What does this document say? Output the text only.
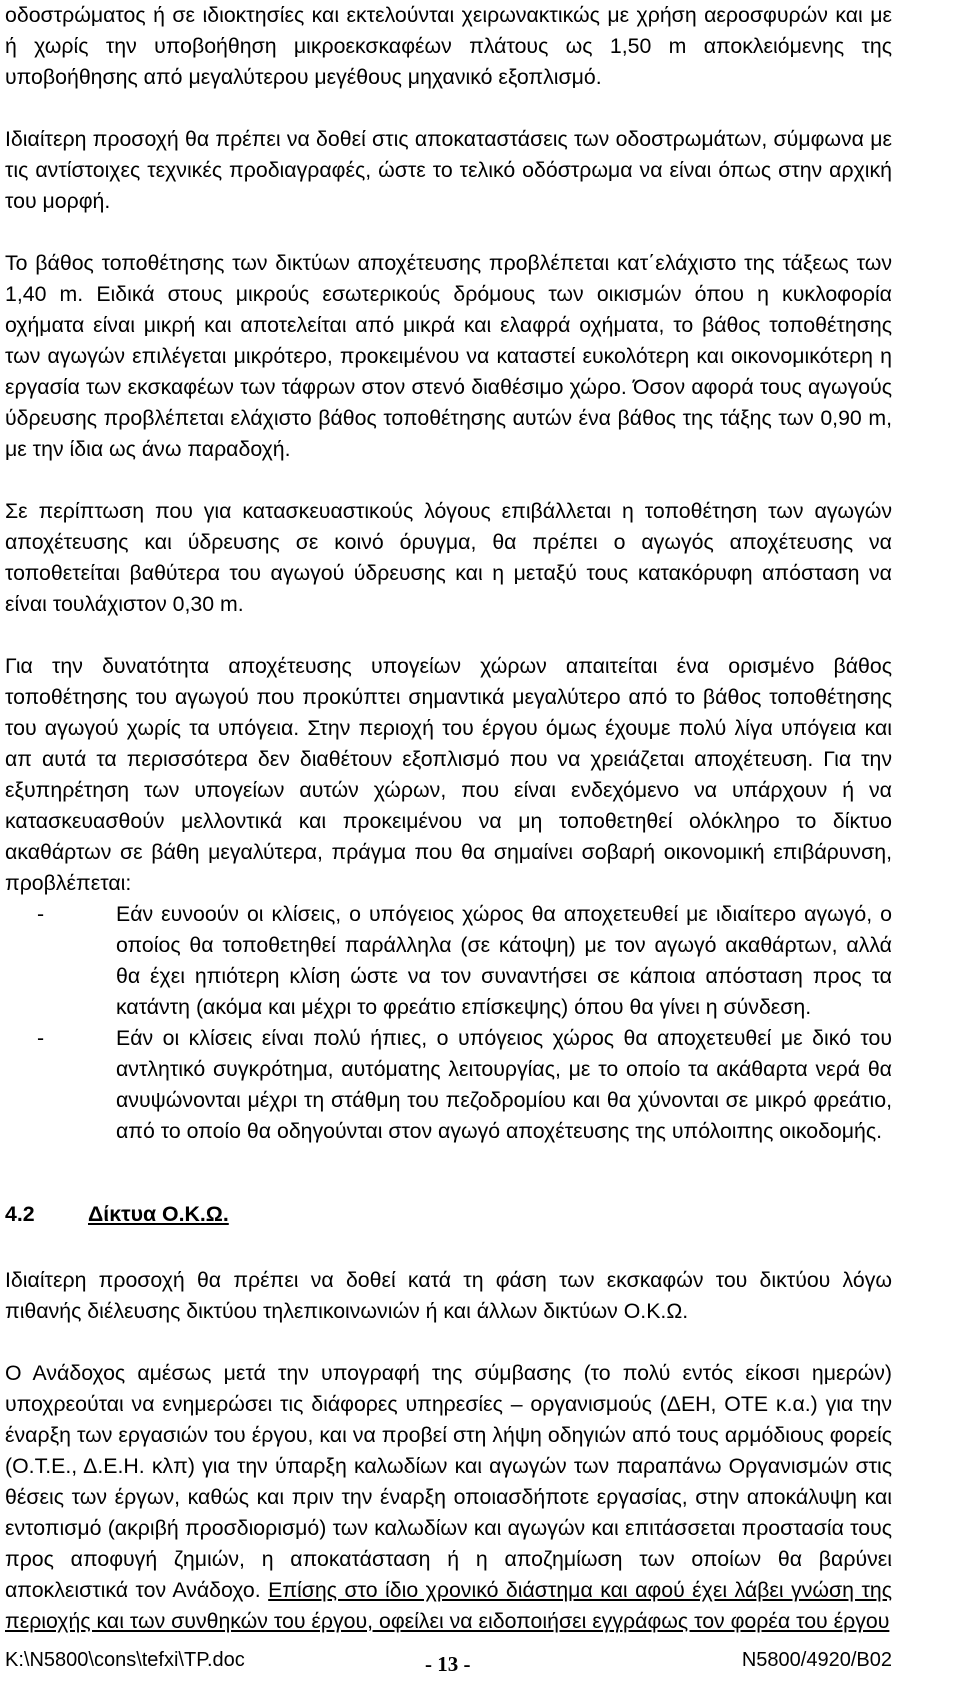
οδοστρώματος ή σε ιδιοκτησίες και εκτελούνται χειρωνακτικώς με χρήση αεροσφυρών και με ή χωρίς την υποβοήθηση μικροεκσκαφέων πλάτους ως 1,50 m αποκλειόμενης της υποβοήθησης από μεγαλύτερου μεγέθους μηχανικό εξοπλισμό.

Ιδιαίτερη προσοχή θα πρέπει να δοθεί στις αποκαταστάσεις των οδοστρωμάτων, σύμφωνα με τις αντίστοιχες τεχνικές προδιαγραφές, ώστε το τελικό οδόστρωμα να είναι όπως στην αρχική του μορφή.

Το βάθος τοποθέτησης των δικτύων αποχέτευσης προβλέπεται κατ΄ελάχιστο της τάξεως των 1,40 m. Ειδικά στους μικρούς εσωτερικούς δρόμους των οικισμών όπου η κυκλοφορία οχήματα είναι μικρή και αποτελείται από μικρά και ελαφρά οχήματα, το βάθος τοποθέτησης των αγωγών επιλέγεται μικρότερο, προκειμένου να καταστεί ευκολότερη και οικονομικότερη η εργασία των εκσκαφέων των τάφρων στον στενό διαθέσιμο χώρο. Όσον αφορά τους αγωγούς ύδρευσης προβλέπεται ελάχιστο βάθος τοποθέτησης αυτών ένα βάθος της τάξης των 0,90 m, με την ίδια ως άνω παραδοχή.

Σε περίπτωση που για κατασκευαστικούς λόγους επιβάλλεται η τοποθέτηση των αγωγών αποχέτευσης και ύδρευσης σε κοινό όρυγμα, θα πρέπει ο αγωγός αποχέτευσης να τοποθετείται βαθύτερα του αγωγού ύδρευσης και η μεταξύ τους κατακόρυφη απόσταση να είναι τουλάχιστον 0,30 m.

Για την δυνατότητα αποχέτευσης υπογείων χώρων απαιτείται ένα ορισμένο βάθος τοποθέτησης του αγωγού που προκύπτει σημαντικά μεγαλύτερο από το βάθος τοποθέτησης του αγωγού χωρίς τα υπόγεια. Στην περιοχή του έργου όμως έχουμε πολύ λίγα υπόγεια και απ αυτά τα περισσότερα δεν διαθέτουν εξοπλισμό που να χρειάζεται αποχέτευση. Για την εξυπηρέτηση των υπογείων αυτών χώρων, που είναι ενδεχόμενο να υπάρχουν ή να κατασκευασθούν μελλοντικά και προκειμένου να μη τοποθετηθεί ολόκληρο το δίκτυο ακαθάρτων σε βάθη μεγαλύτερα, πράγμα που θα σημαίνει σοβαρή οικονομική επιβάρυνση, προβλέπεται:

-	Εάν ευνοούν οι κλίσεις, ο υπόγειος χώρος θα αποχετευθεί με ιδιαίτερο αγωγό, ο οποίος θα τοποθετηθεί παράλληλα (σε κάτοψη) με τον αγωγό ακαθάρτων, αλλά θα έχει ηπιότερη κλίση ώστε να τον συναντήσει σε κάποια απόσταση προς τα κατάντη (ακόμα και μέχρι το φρεάτιο επίσκεψης) όπου θα γίνει η σύνδεση.
-	Εάν οι κλίσεις είναι πολύ ήπιες, ο υπόγειος χώρος θα αποχετευθεί με δικό του αντλητικό συγκρότημα, αυτόματης λειτουργίας, με το οποίο τα ακάθαρτα νερά θα ανυψώνονται μέχρι τη στάθμη του πεζοδρομίου και θα χύνονται σε μικρό φρεάτιο, από το οποίο θα οδηγούνται στον αγωγό αποχέτευσης της υπόλοιπης οικοδομής.
4.2	Δίκτυα Ο.Κ.Ω.

Ιδιαίτερη προσοχή θα πρέπει να δοθεί κατά τη φάση των εκσκαφών του δικτύου λόγω πιθανής διέλευσης δικτύου τηλεπικοινωνιών ή και άλλων δικτύων Ο.Κ.Ω.

Ο Ανάδοχος αμέσως μετά την υπογραφή της σύμβασης (το πολύ εντός είκοσι ημερών) υποχρεούται να ενημερώσει τις διάφορες υπηρεσίες – οργανισμούς (ΔΕΗ, ΟΤΕ κ.α.) για την έναρξη των εργασιών του έργου, και να προβεί στη λήψη οδηγιών από τους αρμόδιους φορείς (Ο.Τ.Ε., Δ.Ε.Η. κλπ) για την ύπαρξη καλωδίων και αγωγών των παραπάνω Οργανισμών στις θέσεις των έργων, καθώς και πριν την έναρξη οποιασδήποτε εργασίας, στην αποκάλυψη και εντοπισμό (ακριβή προσδιορισμό) των καλωδίων και αγωγών και επιτάσσεται προστασία τους προς αποφυγή ζημιών, η αποκατάσταση ή η αποζημίωση των οποίων θα βαρύνει αποκλειστικά τον Ανάδοχο. Επίσης στο ίδιο χρονικό διάστημα και αφού έχει λάβει γνώση της περιοχής και των συνθηκών του έργου, οφείλει να ειδοποιήσει εγγράφως τον φορέα του έργου

K:\N5800\cons\tefxi\TP.doc	- 13 -	N5800/4920/B02
